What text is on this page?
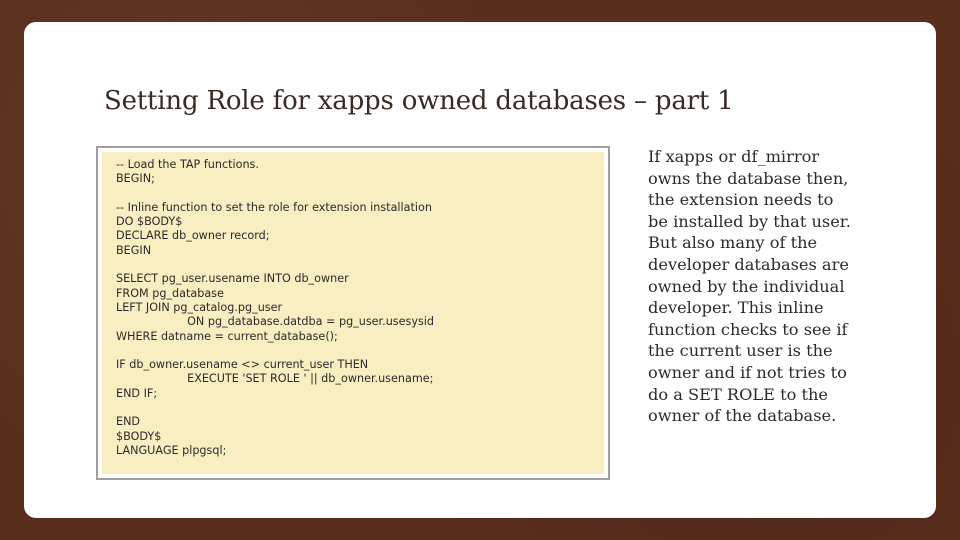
Setting Role for xapps owned databases – part 1
-- Load the TAP functions.
BEGIN;
-- Inline function to set the role for extension installation
DO $BODY$
DECLARE db_owner record;
BEGIN
SELECT pg_user.usename INTO db_owner
FROM pg_database
LEFT JOIN pg_catalog.pg_user
ON pg_database.datdba = pg_user.usesysid
WHERE datname = current_database();
IF db_owner.usename <> current_user THEN
EXECUTE 'SET ROLE ' || db_owner.usename;
END IF;
END
$BODY$
LANGUAGE plpgsql;
If xapps or df_mirror
owns the database then,
the extension needs to
be installed by that user.
But also many of the
developer databases are
owned by the individual
developer. This inline
function checks to see if
the current user is the
owner and if not tries to
do a SET ROLE to the
owner of the database.
